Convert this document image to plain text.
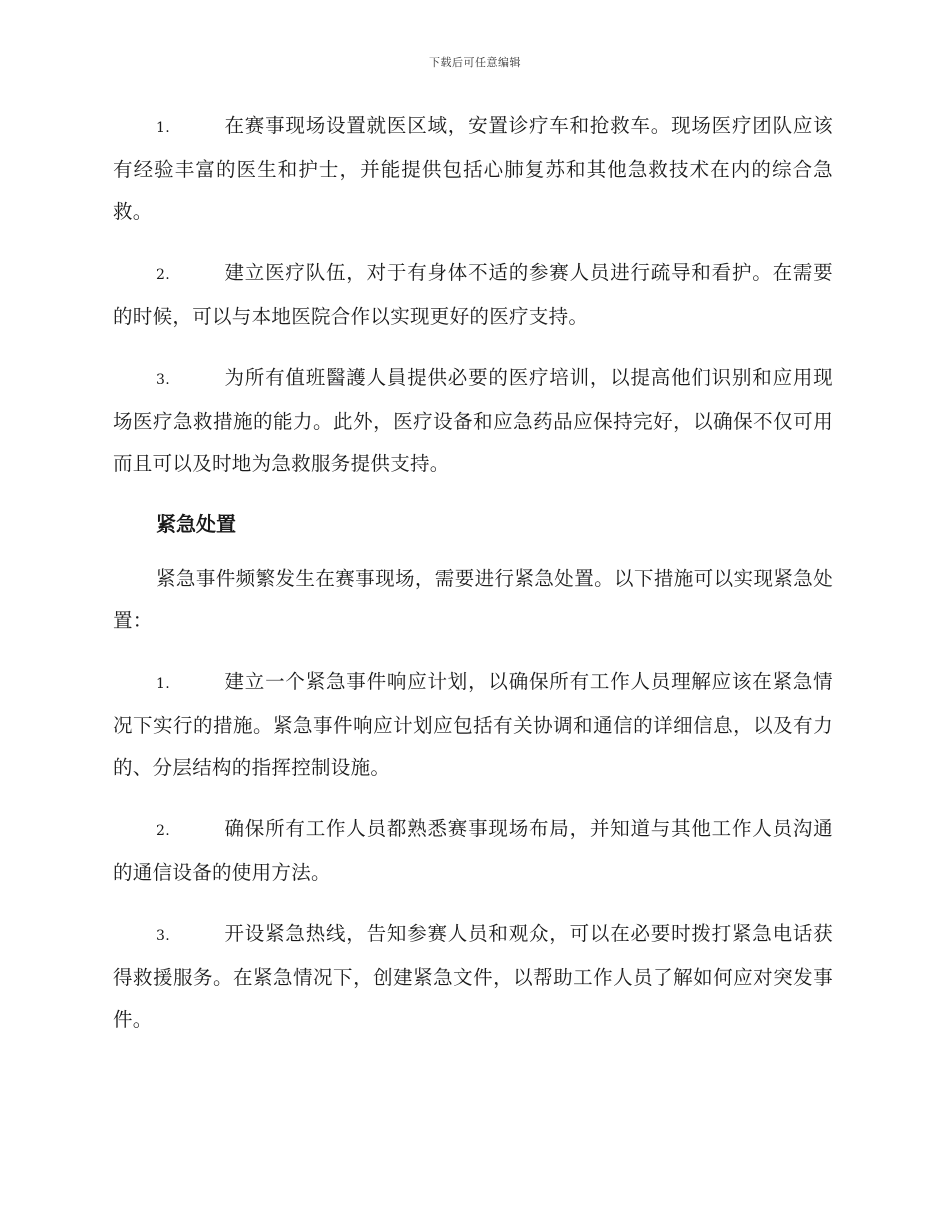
下载后可任意编辑

1.	在赛事现场设置就医区域，安置诊疗车和抢救车。现场医疗团队应该有经验丰富的医生和护士，并能提供包括心肺复苏和其他急救技术在内的综合急救。

2.	建立医疗队伍，对于有身体不适的参赛人员进行疏导和看护。在需要的时候，可以与本地医院合作以实现更好的医疗支持。

3.	为所有值班醫護人員提供必要的医疗培训，以提高他们识别和应用现场医疗急救措施的能力。此外，医疗设备和应急药品应保持完好，以确保不仅可用而且可以及时地为急救服务提供支持。

紧急处置

紧急事件频繁发生在赛事现场，需要进行紧急处置。以下措施可以实现紧急处置：

1.	建立一个紧急事件响应计划，以确保所有工作人员理解应该在紧急情况下实行的措施。紧急事件响应计划应包括有关协调和通信的详细信息，以及有力的、分层结构的指挥控制设施。

2.	确保所有工作人员都熟悉赛事现场布局，并知道与其他工作人员沟通的通信设备的使用方法。

3.	开设紧急热线，告知参赛人员和观众，可以在必要时拨打紧急电话获得救援服务。在紧急情况下，创建紧急文件，以帮助工作人员了解如何应对突发事件。
